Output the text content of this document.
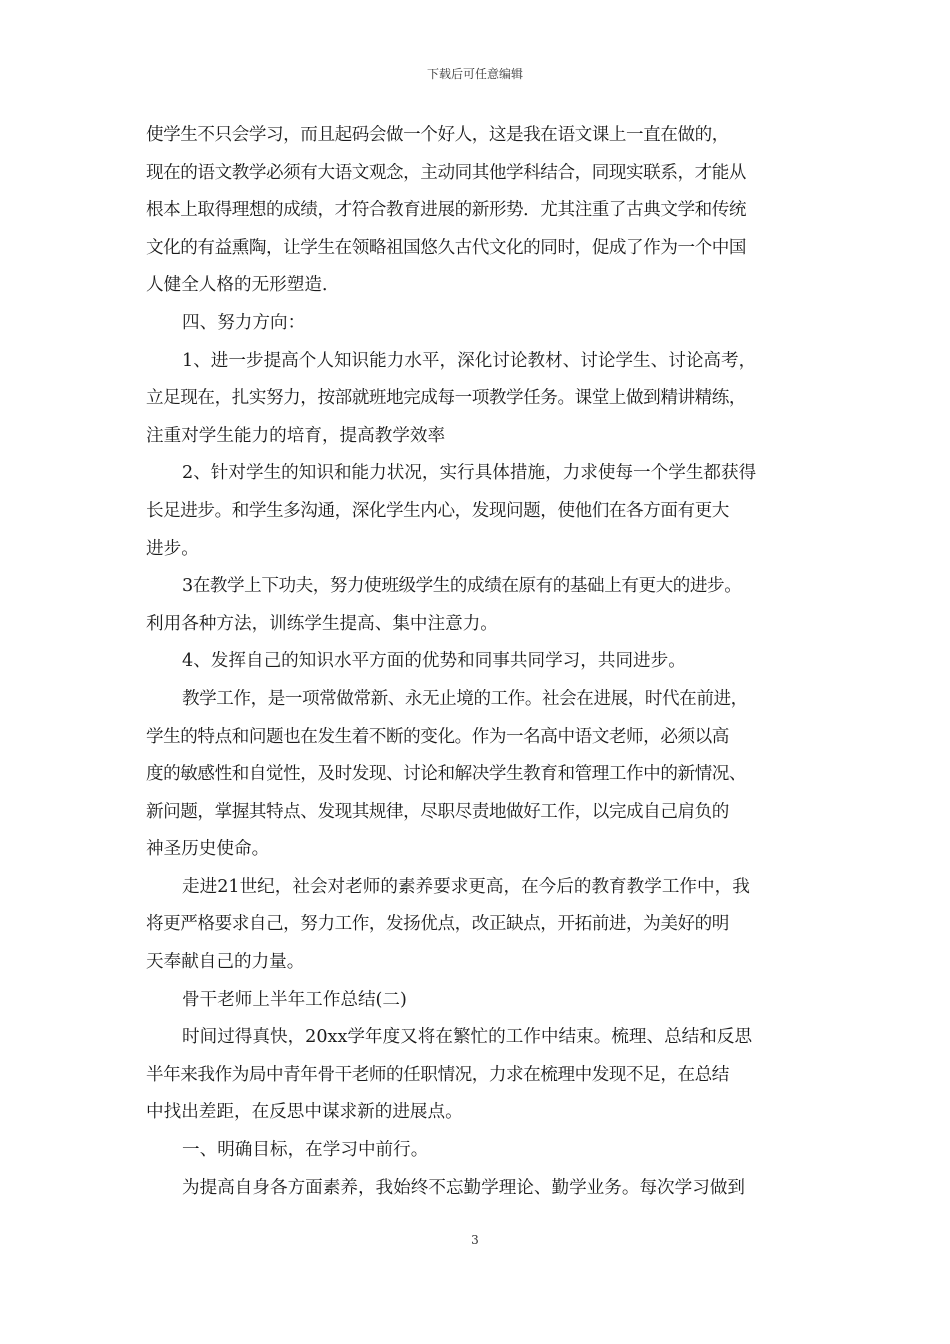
下载后可任意编辑
使学生不只会学习，而且起码会做一个好人，这是我在语文课上一直在做的，
现在的语文教学必须有大语文观念，主动同其他学科结合，同现实联系，才能从
根本上取得理想的成绩，才符合教育进展的新形势．尤其注重了古典文学和传统
文化的有益熏陶，让学生在领略祖国悠久古代文化的同时，促成了作为一个中国
人健全人格的无形塑造．
四、努力方向：
1、进一步提高个人知识能力水平，深化讨论教材、讨论学生、讨论高考，
立足现在，扎实努力，按部就班地完成每一项教学任务。课堂上做到精讲精练，
注重对学生能力的培育，提高教学效率
2、针对学生的知识和能力状况，实行具体措施，力求使每一个学生都获得
长足进步。和学生多沟通，深化学生内心，发现问题，使他们在各方面有更大
进步。
3在教学上下功夫，努力使班级学生的成绩在原有的基础上有更大的进步。
利用各种方法，训练学生提高、集中注意力。
4、发挥自己的知识水平方面的优势和同事共同学习，共同进步。
教学工作，是一项常做常新、永无止境的工作。社会在进展，时代在前进，
学生的特点和问题也在发生着不断的变化。作为一名高中语文老师，必须以高
度的敏感性和自觉性，及时发现、讨论和解决学生教育和管理工作中的新情况、
新问题，掌握其特点、发现其规律，尽职尽责地做好工作，以完成自己肩负的
神圣历史使命。
走进21世纪，社会对老师的素养要求更高，在今后的教育教学工作中，我
将更严格要求自己，努力工作，发扬优点，改正缺点，开拓前进，为美好的明
天奉献自己的力量。
骨干老师上半年工作总结(二)
时间过得真快，20xx学年度又将在繁忙的工作中结束。梳理、总结和反思
半年来我作为局中青年骨干老师的任职情况，力求在梳理中发现不足，在总结
中找出差距，在反思中谋求新的进展点。
一、明确目标，在学习中前行。
为提高自身各方面素养，我始终不忘勤学理论、勤学业务。每次学习做到
3
